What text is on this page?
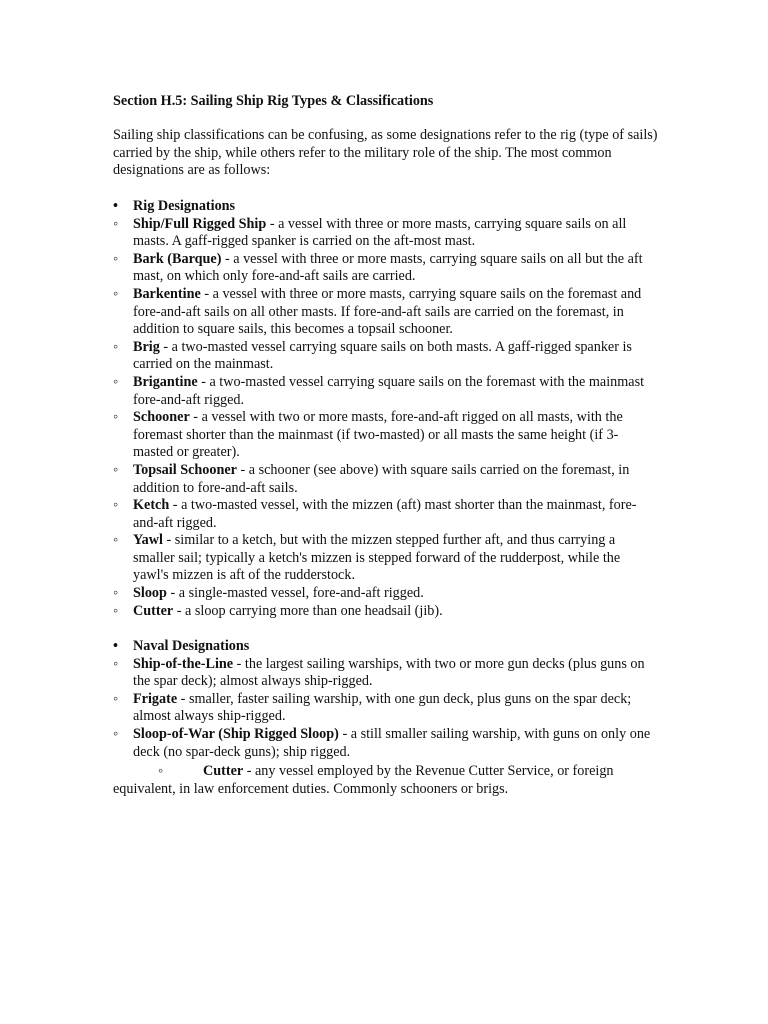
Section H.5: Sailing Ship Rig Types & Classifications
Sailing ship classifications can be confusing, as some designations refer to the rig (type of sails) carried by the ship, while others refer to the military role of the ship. The most common designations are as follows:
•	Rig Designations
◦	Ship/Full Rigged Ship - a vessel with three or more masts, carrying square sails on all masts. A gaff-rigged spanker is carried on the aft-most mast.
◦	Bark (Barque) - a vessel with three or more masts, carrying square sails on all but the aft mast, on which only fore-and-aft sails are carried.
◦	Barkentine - a vessel with three or more masts, carrying square sails on the foremast and fore-and-aft sails on all other masts. If fore-and-aft sails are carried on the foremast, in addition to square sails, this becomes a topsail schooner.
◦	Brig - a two-masted vessel carrying square sails on both masts. A gaff-rigged spanker is carried on the mainmast.
◦	Brigantine - a two-masted vessel carrying square sails on the foremast with the mainmast fore-and-aft rigged.
◦	Schooner - a vessel with two or more masts, fore-and-aft rigged on all masts, with the foremast shorter than the mainmast (if two-masted) or all masts the same height (if 3-masted or greater).
◦	Topsail Schooner - a schooner (see above) with square sails carried on the foremast, in addition to fore-and-aft sails.
◦	Ketch - a two-masted vessel, with the mizzen (aft) mast shorter than the mainmast, fore-and-aft rigged.
◦	Yawl - similar to a ketch, but with the mizzen stepped further aft, and thus carrying a smaller sail; typically a ketch's mizzen is stepped forward of the rudderpost, while the yawl's mizzen is aft of the rudderstock.
◦	Sloop - a single-masted vessel, fore-and-aft rigged.
◦	Cutter - a sloop carrying more than one headsail (jib).
•	Naval Designations
◦	Ship-of-the-Line - the largest sailing warships, with two or more gun decks (plus guns on the spar deck); almost always ship-rigged.
◦	Frigate - smaller, faster sailing warship, with one gun deck, plus guns on the spar deck; almost always ship-rigged.
◦	Sloop-of-War (Ship Rigged Sloop) - a still smaller sailing warship, with guns on only one deck (no spar-deck guns); ship rigged.
◦	Cutter - any vessel employed by the Revenue Cutter Service, or foreign equivalent, in law enforcement duties. Commonly schooners or brigs.
